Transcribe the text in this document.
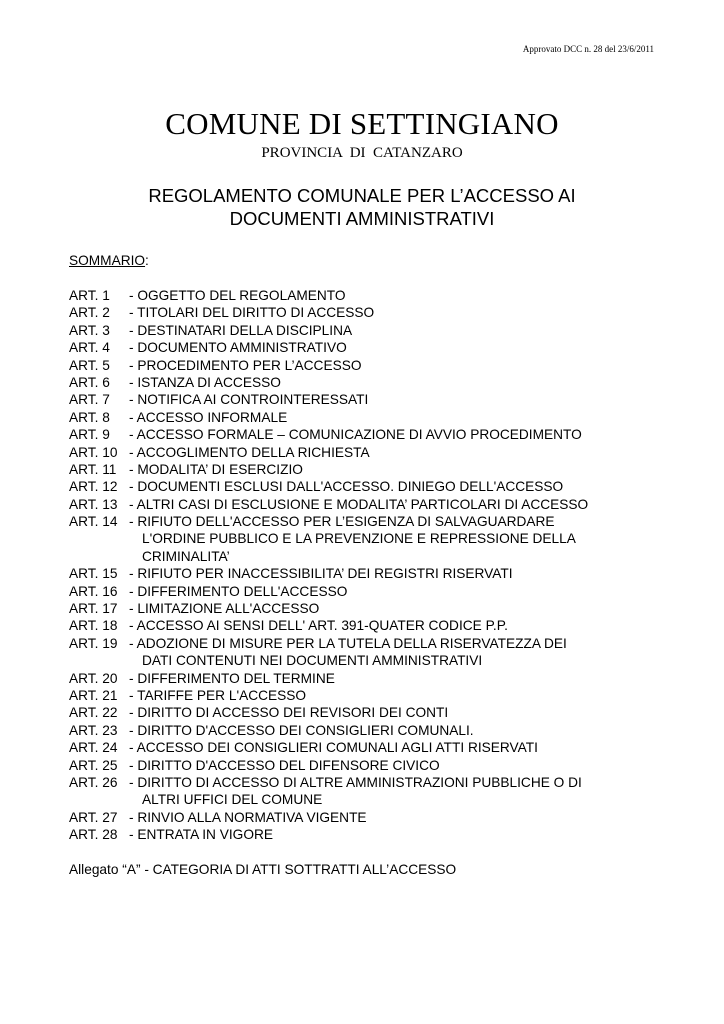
Approvato DCC n. 28 del 23/6/2011
COMUNE DI SETTINGIANO
PROVINCIA  DI  CATANZARO
REGOLAMENTO COMUNALE PER L’ACCESSO AI
DOCUMENTI AMMINISTRATIVI
SOMMARIO:
ART. 1	- OGGETTO DEL REGOLAMENTO
ART. 2	- TITOLARI DEL DIRITTO DI ACCESSO
ART. 3	- DESTINATARI DELLA DISCIPLINA
ART. 4	- DOCUMENTO AMMINISTRATIVO
ART. 5	- PROCEDIMENTO PER L’ACCESSO
ART. 6	- ISTANZA DI ACCESSO
ART. 7	- NOTIFICA AI CONTROINTERESSATI
ART. 8	- ACCESSO INFORMALE
ART. 9	- ACCESSO FORMALE – COMUNICAZIONE DI AVVIO PROCEDIMENTO
ART. 10 - ACCOGLIMENTO DELLA RICHIESTA
ART. 11 - MODALITA’ DI ESERCIZIO
ART. 12 - DOCUMENTI ESCLUSI DALL'ACCESSO. DINIEGO DELL'ACCESSO
ART. 13 - ALTRI CASI DI ESCLUSIONE E MODALITA’ PARTICOLARI DI ACCESSO
ART. 14 - RIFIUTO DELL'ACCESSO PER L’ESIGENZA DI SALVAGUARDARE
L'ORDINE PUBBLICO E LA PREVENZIONE E REPRESSIONE DELLA
CRIMINALITA’
ART. 15 - RIFIUTO PER INACCESSIBILITA’ DEI REGISTRI RISERVATI
ART. 16 - DIFFERIMENTO DELL'ACCESSO
ART. 17 - LIMITAZIONE ALL'ACCESSO
ART. 18 - ACCESSO AI SENSI DELL' ART. 391-QUATER CODICE P.P.
ART. 19 - ADOZIONE DI MISURE PER LA TUTELA DELLA RISERVATEZZA DEI
DATI CONTENUTI NEI DOCUMENTI AMMINISTRATIVI
ART. 20 - DIFFERIMENTO DEL TERMINE
ART. 21 - TARIFFE PER L'ACCESSO
ART. 22 - DIRITTO DI ACCESSO DEI REVISORI DEI CONTI
ART. 23 - DIRITTO D'ACCESSO DEI CONSIGLIERI COMUNALI.
ART. 24 - ACCESSO DEI CONSIGLIERI COMUNALI AGLI ATTI RISERVATI
ART. 25 - DIRITTO D'ACCESSO DEL DIFENSORE CIVICO
ART. 26 - DIRITTO DI ACCESSO DI ALTRE AMMINISTRAZIONI PUBBLICHE O DI
ALTRI UFFICI DEL COMUNE
ART. 27 - RINVIO ALLA NORMATIVA VIGENTE
ART. 28 - ENTRATA IN VIGORE
Allegato “A” - CATEGORIA DI ATTI SOTTRATTI ALL’ACCESSO
